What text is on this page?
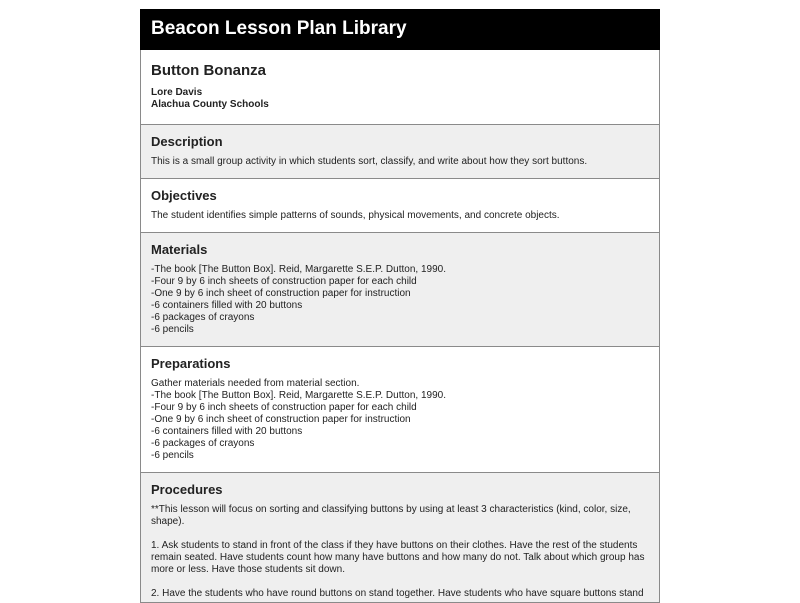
Beacon Lesson Plan Library
Button Bonanza
Lore Davis
Alachua County Schools
Description
This is a small group activity in which students sort, classify, and write about how they sort buttons.
Objectives
The student identifies simple patterns of sounds, physical movements, and concrete objects.
Materials
-The book [The Button Box]. Reid, Margarette S.E.P. Dutton, 1990.
-Four 9 by 6 inch sheets of construction paper for each child
-One 9 by 6 inch sheet of construction paper for instruction
-6 containers filled with 20 buttons
-6 packages of crayons
-6 pencils
Preparations
Gather materials needed from material section.
-The book [The Button Box]. Reid, Margarette S.E.P. Dutton, 1990.
-Four 9 by 6 inch sheets of construction paper for each child
-One 9 by 6 inch sheet of construction paper for instruction
-6 containers filled with 20 buttons
-6 packages of crayons
-6 pencils
Procedures
**This lesson will focus on sorting and classifying buttons by using at least 3 characteristics (kind, color, size, shape).
1. Ask students to stand in front of the class if they have buttons on their clothes. Have the rest of the students remain seated. Have students count how many have buttons and how many do not. Talk about which group has more or less. Have those students sit down.
2. Have the students who have round buttons on stand together. Have students who have square buttons stand
